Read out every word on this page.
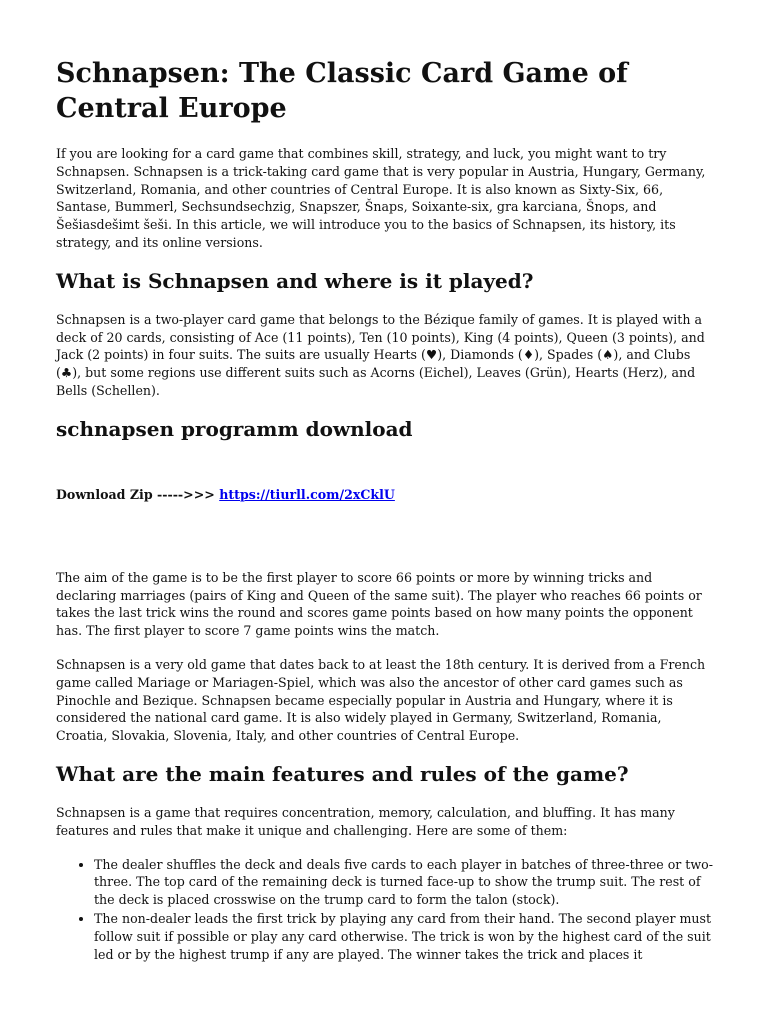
Schnapsen: The Classic Card Game of Central Europe

If you are looking for a card game that combines skill, strategy, and luck, you might want to try Schnapsen. Schnapsen is a trick-taking card game that is very popular in Austria, Hungary, Germany, Switzerland, Romania, and other countries of Central Europe. It is also known as Sixty-Six, 66, Santase, Bummerl, Sechsundsechzig, Snapszer, Šnaps, Soixante-six, gra karciana, Šnops, and Šešiasdešimt šeši. In this article, we will introduce you to the basics of Schnapsen, its history, its strategy, and its online versions.

What is Schnapsen and where is it played?

Schnapsen is a two-player card game that belongs to the Bézique family of games. It is played with a deck of 20 cards, consisting of Ace (11 points), Ten (10 points), King (4 points), Queen (3 points), and Jack (2 points) in four suits. The suits are usually Hearts (♥), Diamonds (♦), Spades (♠), and Clubs (♣), but some regions use different suits such as Acorns (Eichel), Leaves (Grün), Hearts (Herz), and Bells (Schellen).

schnapsen programm download

Download Zip ----->>> https://tiurll.com/2xCklU

The aim of the game is to be the first player to score 66 points or more by winning tricks and declaring marriages (pairs of King and Queen of the same suit). The player who reaches 66 points or takes the last trick wins the round and scores game points based on how many points the opponent has. The first player to score 7 game points wins the match.

Schnapsen is a very old game that dates back to at least the 18th century. It is derived from a French game called Mariage or Mariagen-Spiel, which was also the ancestor of other card games such as Pinochle and Bezique. Schnapsen became especially popular in Austria and Hungary, where it is considered the national card game. It is also widely played in Germany, Switzerland, Romania, Croatia, Slovakia, Slovenia, Italy, and other countries of Central Europe.

What are the main features and rules of the game?

Schnapsen is a game that requires concentration, memory, calculation, and bluffing. It has many features and rules that make it unique and challenging. Here are some of them:

• The dealer shuffles the deck and deals five cards to each player in batches of three-three or two-three. The top card of the remaining deck is turned face-up to show the trump suit. The rest of the deck is placed crosswise on the trump card to form the talon (stock).
• The non-dealer leads the first trick by playing any card from their hand. The second player must follow suit if possible or play any card otherwise. The trick is won by the highest card of the suit led or by the highest trump if any are played. The winner takes the trick and places it
